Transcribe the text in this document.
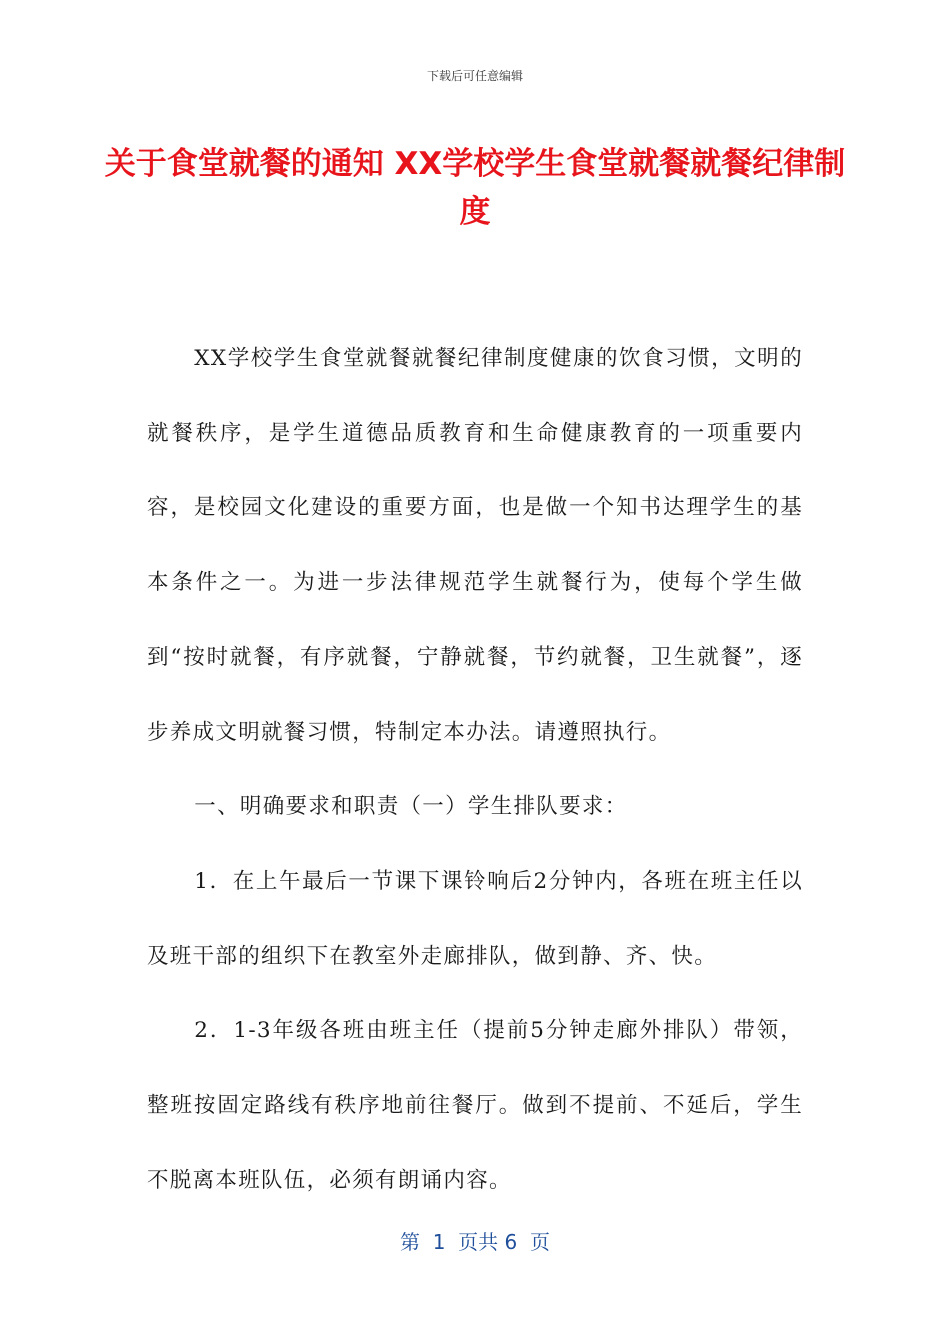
下载后可任意编辑
关于食堂就餐的通知 XX学校学生食堂就餐就餐纪律制度

XX学校学生食堂就餐就餐纪律制度健康的饮食习惯，文明的就餐秩序，是学生道德品质教育和生命健康教育的一项重要内容，是校园文化建设的重要方面，也是做一个知书达理学生的基本条件之一。为进一步法律规范学生就餐行为，使每个学生做到“按时就餐，有序就餐，宁静就餐，节约就餐，卫生就餐”，逐步养成文明就餐习惯，特制定本办法。请遵照执行。

一、明确要求和职责（一）学生排队要求：

1．在上午最后一节课下课铃响后2分钟内，各班在班主任以及班干部的组织下在教室外走廊排队，做到静、齐、快。

2．1-3年级各班由班主任（提前5分钟走廊外排队）带领，整班按固定路线有秩序地前往餐厅。做到不提前、不延后，学生不脱离本班队伍，必须有朗诵内容。

第  1  页共 6  页
